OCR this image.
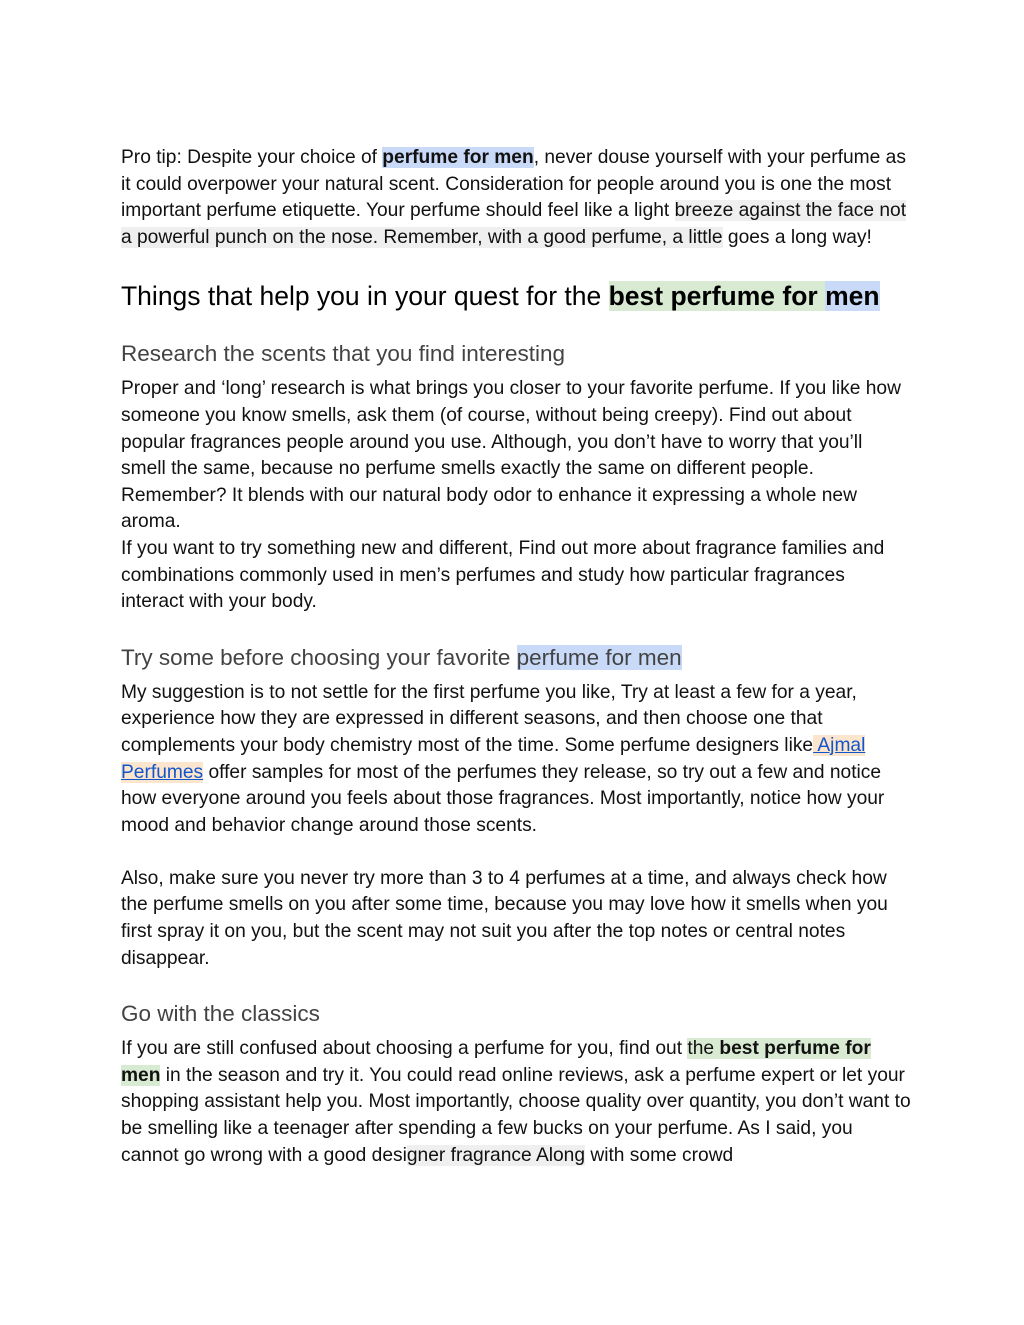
Pro tip: Despite your choice of perfume for men, never douse yourself with your perfume as it could overpower your natural scent. Consideration for people around you is one the most important perfume etiquette. Your perfume should feel like a light breeze against the face not a powerful punch on the nose. Remember, with a good perfume, a little goes a long way!

Things that help you in your quest for the best perfume for men
Research the scents that you find interesting

Proper and ‘long’ research is what brings you closer to your favorite perfume. If you like how someone you know smells, ask them (of course, without being creepy). Find out about popular fragrances people around you use. Although, you don’t have to worry that you’ll smell the same, because no perfume smells exactly the same on different people. Remember? It blends with our natural body odor to enhance it expressing a whole new aroma.

If you want to try something new and different, Find out more about fragrance families and combinations commonly used in men’s perfumes and study how particular fragrances interact with your body.

Try some before choosing your favorite perfume for men

My suggestion is to not settle for the first perfume you like, Try at least a few for a year, experience how they are expressed in different seasons, and then choose one that complements your body chemistry most of the time. Some perfume designers like Ajmal Perfumes offer samples for most of the perfumes they release, so try out a few and notice how everyone around you feels about those fragrances. Most importantly, notice how your mood and behavior change around those scents.

Also, make sure you never try more than 3 to 4 perfumes at a time, and always check how the perfume smells on you after some time, because you may love how it smells when you first spray it on you, but the scent may not suit you after the top notes or central notes disappear.

Go with the classics

If you are still confused about choosing a perfume for you, find out the best perfume for men in the season and try it. You could read online reviews, ask a perfume expert or let your shopping assistant help you. Most importantly, choose quality over quantity, you don’t want to be smelling like a teenager after spending a few bucks on your perfume. As I said, you cannot go wrong with a good designer fragrance Along with some crowd
